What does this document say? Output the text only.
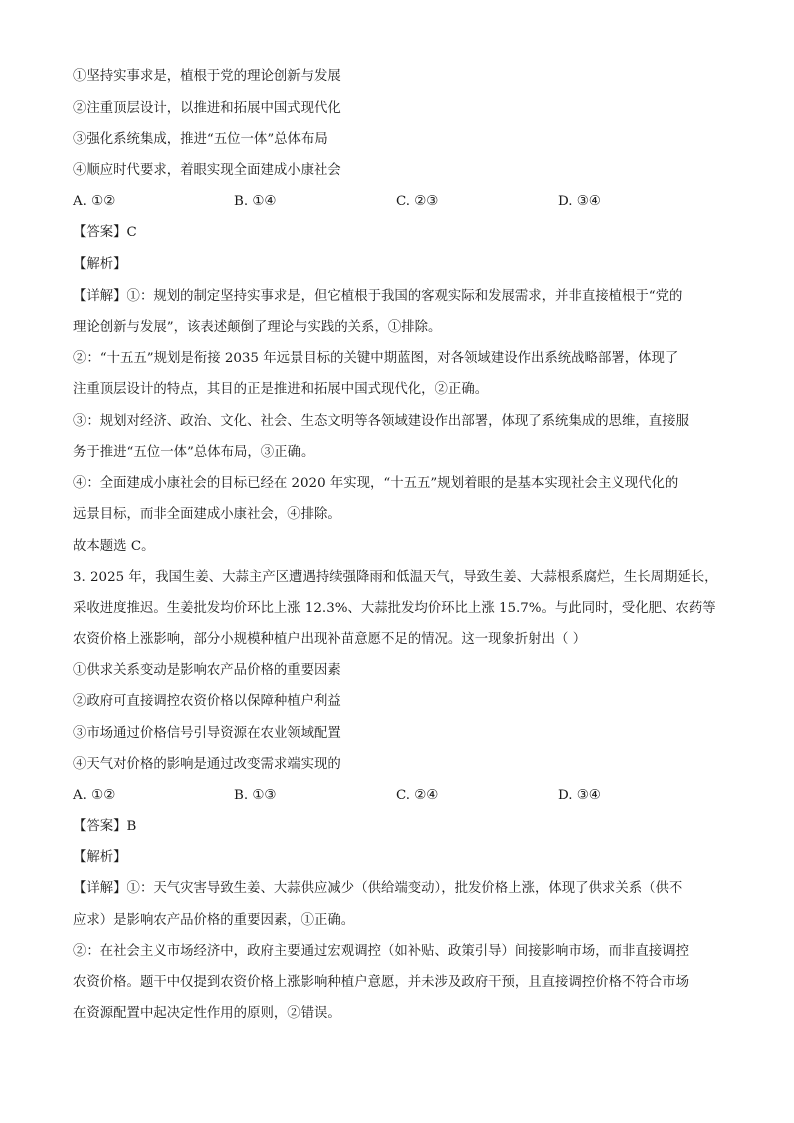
①坚持实事求是，植根于党的理论创新与发展
②注重顶层设计，以推进和拓展中国式现代化
③强化系统集成，推进“五位一体”总体布局
④顺应时代要求，着眼实现全面建成小康社会
A. ①②	B. ①④	C. ②③	D. ③④
【答案】C
【解析】
【详解】①：规划的制定坚持实事求是，但它植根于我国的客观实际和发展需求，并非直接植根于“党的
理论创新与发展”，该表述颠倒了理论与实践的关系，①排除。
②：“十五五”规划是衔接 2035 年远景目标的关键中期蓝图，对各领域建设作出系统战略部署，体现了
注重顶层设计的特点，其目的正是推进和拓展中国式现代化，②正确。
③：规划对经济、政治、文化、社会、生态文明等各领域建设作出部署，体现了系统集成的思维，直接服
务于推进“五位一体”总体布局，③正确。
④：全面建成小康社会的目标已经在 2020 年实现，“十五五”规划着眼的是基本实现社会主义现代化的
远景目标，而非全面建成小康社会，④排除。
故本题选 C。
3. 2025 年，我国生姜、大蒜主产区遭遇持续强降雨和低温天气，导致生姜、大蒜根系腐烂，生长周期延长，
采收进度推迟。生姜批发均价环比上涨 12.3%、大蒜批发均价环比上涨 15.7%。与此同时，受化肥、农药等
农资价格上涨影响，部分小规模种植户出现补苗意愿不足的情况。这一现象折射出（ ）
①供求关系变动是影响农产品价格的重要因素
②政府可直接调控农资价格以保障种植户利益
③市场通过价格信号引导资源在农业领域配置
④天气对价格的影响是通过改变需求端实现的
A. ①②	B. ①③	C. ②④	D. ③④
【答案】B
【解析】
【详解】①：天气灾害导致生姜、大蒜供应减少（供给端变动），批发价格上涨，体现了供求关系（供不
应求）是影响农产品价格的重要因素，①正确。
②：在社会主义市场经济中，政府主要通过宏观调控（如补贴、政策引导）间接影响市场，而非直接调控
农资价格。题干中仅提到农资价格上涨影响种植户意愿，并未涉及政府干预，且直接调控价格不符合市场
在资源配置中起决定性作用的原则，②错误。
